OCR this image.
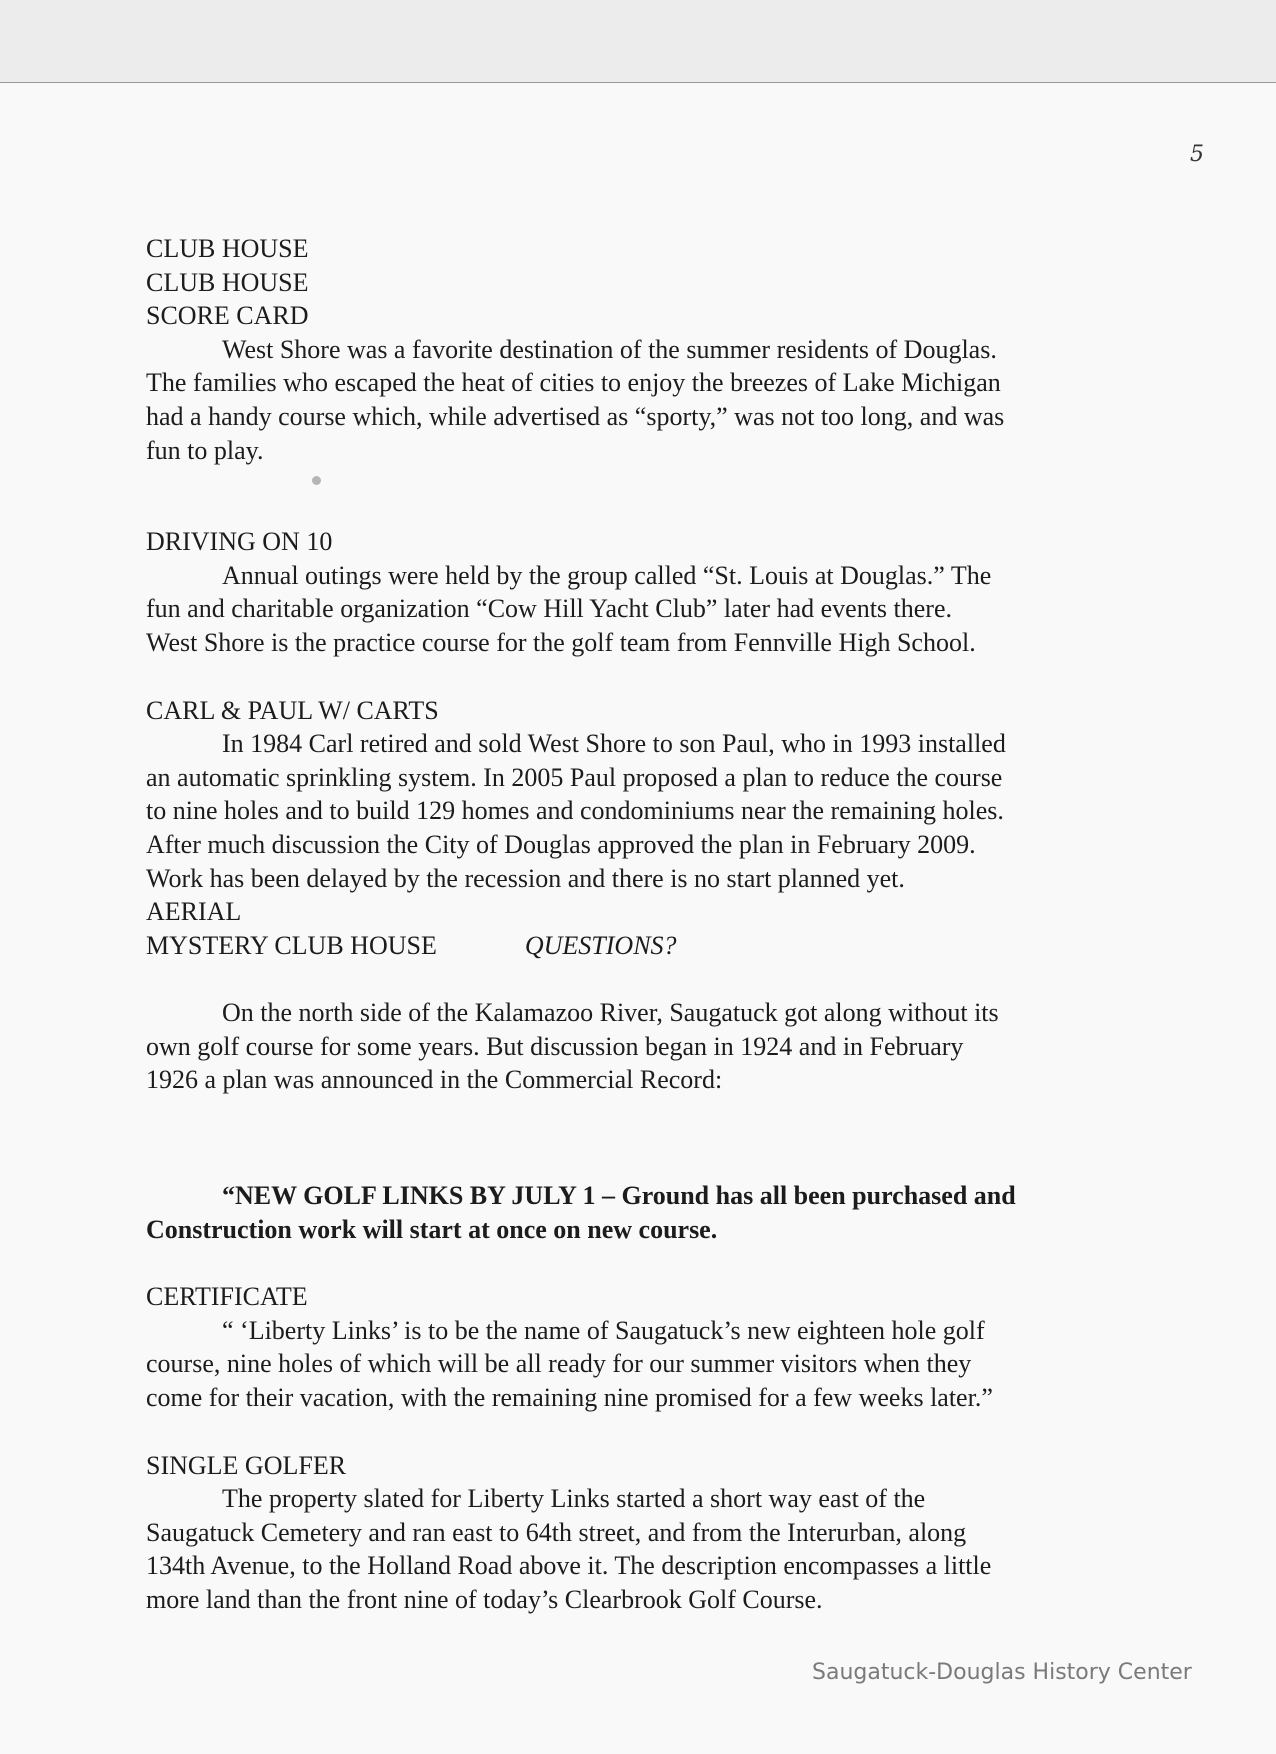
5
CLUB HOUSE
CLUB HOUSE
SCORE CARD
West Shore was a favorite destination of the summer residents of Douglas.
The families who escaped the heat of cities to enjoy the breezes of Lake Michigan
had a handy course which, while advertised as “sporty,” was not too long, and was
fun to play.
DRIVING ON 10
Annual outings were held by the group called “St. Louis at Douglas.” The
fun and charitable organization “Cow Hill Yacht Club” later had events there.
West Shore is the practice course for the golf team from Fennville High School.
CARL & PAUL W/ CARTS
In 1984 Carl retired and sold West Shore to son Paul, who in 1993 installed
an automatic sprinkling system. In 2005 Paul proposed a plan to reduce the course
to nine holes and to build 129 homes and condominiums near the remaining holes.
After much discussion the City of Douglas approved the plan in February 2009.
Work has been delayed by the recession and there is no start planned yet.
AERIAL
MYSTERY CLUB HOUSE	QUESTIONS?
On the north side of the Kalamazoo River, Saugatuck got along without its
own golf course for some years. But discussion began in 1924 and in February
1926 a plan was announced in the Commercial Record:
“NEW GOLF LINKS BY JULY 1 – Ground has all been purchased and
Construction work will start at once on new course.
CERTIFICATE
“ ‘Liberty Links’ is to be the name of Saugatuck’s new eighteen hole golf
course, nine holes of which will be all ready for our summer visitors when they
come for their vacation, with the remaining nine promised for a few weeks later.”
SINGLE GOLFER
The property slated for Liberty Links started a short way east of the
Saugatuck Cemetery and ran east to 64th street, and from the Interurban, along
134th Avenue, to the Holland Road above it. The description encompasses a little
more land than the front nine of today’s Clearbrook Golf Course.
Saugatuck-Douglas History Center
